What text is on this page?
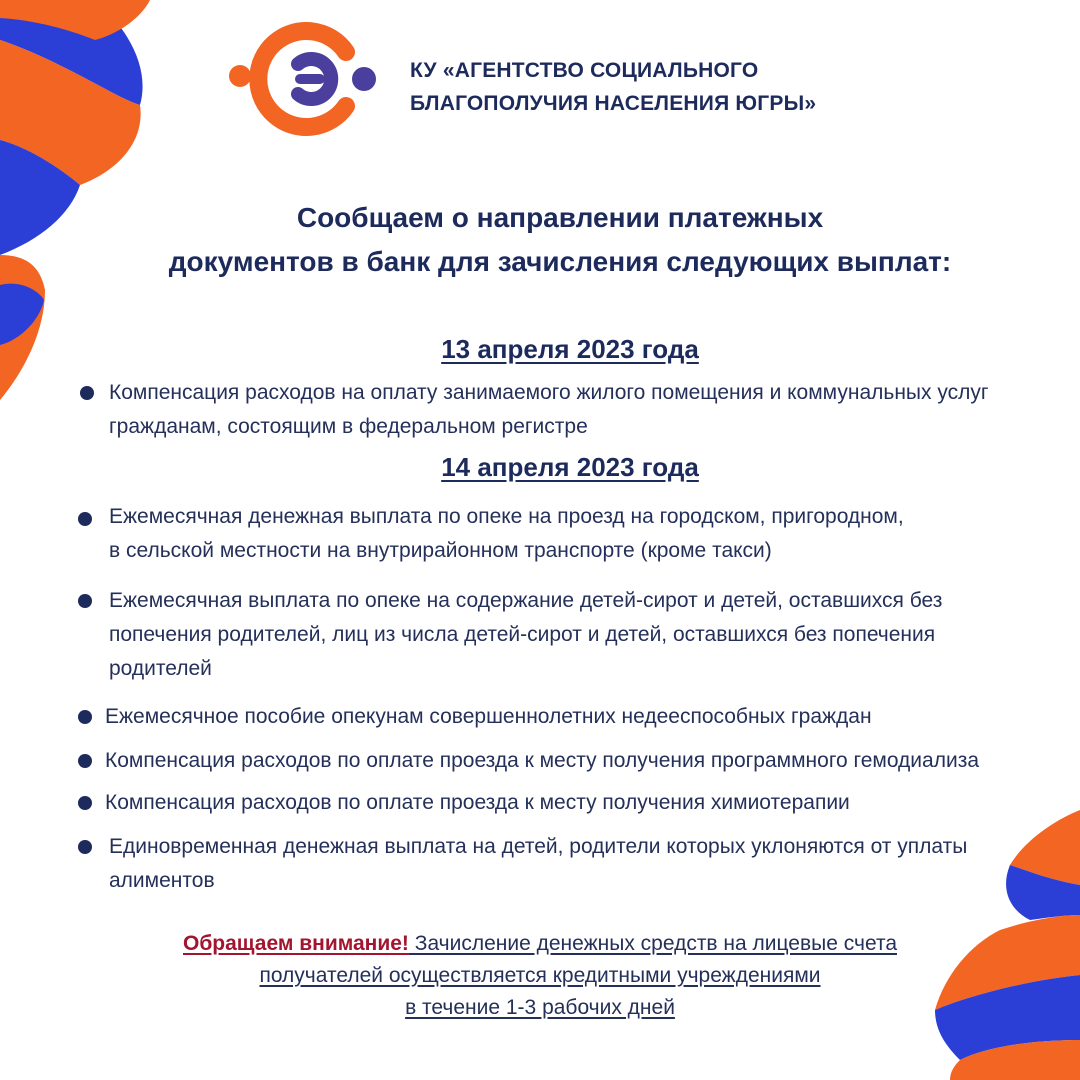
КУ «АГЕНТСТВО СОЦИАЛЬНОГО
БЛАГОПОЛУЧИЯ НАСЕЛЕНИЯ ЮГРЫ»
Сообщаем о направлении платежных
документов в банк для зачисления следующих выплат:
13 апреля 2023 года
Компенсация расходов на оплату занимаемого жилого помещения и коммунальных услуг
гражданам, состоящим в федеральном регистре
14 апреля 2023 года
Ежемесячная денежная выплата по опеке на проезд на городском, пригородном,
в сельской местности на внутрирайонном транспорте (кроме такси)
Ежемесячная выплата по опеке на содержание детей-сирот и детей, оставшихся без
попечения родителей, лиц из числа детей-сирот и детей, оставшихся без попечения
родителей
Ежемесячное пособие опекунам совершеннолетних недееспособных граждан
Компенсация расходов по оплате проезда к месту получения программного гемодиализа
Компенсация расходов по оплате проезда к месту получения химиотерапии
Единовременная денежная выплата на детей, родители которых уклоняются от уплаты
алиментов
Обращаем внимание! Зачисление денежных средств на лицевые счета
получателей осуществляется кредитными учреждениями
в течение 1-3 рабочих дней
